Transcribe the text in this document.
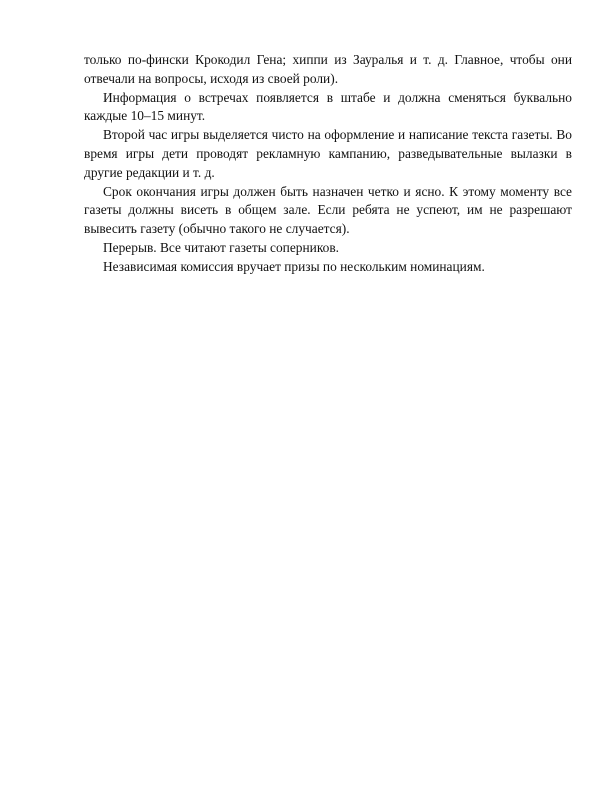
только по-фински Крокодил Гена; хиппи из Зауралья и т. д. Главное, чтобы они отвечали на вопросы, исходя из своей роли).

Информация о встречах появляется в штабе и должна сменяться буквально каждые 10–15 минут.

Второй час игры выделяется чисто на оформление и написание текста газеты. Во время игры дети проводят рекламную кампанию, разведывательные вылазки в другие редакции и т. д.

Срок окончания игры должен быть назначен четко и ясно. К этому моменту все газеты должны висеть в общем зале. Если ребята не успеют, им не разрешают вывесить газету (обычно такого не случается).

Перерыв. Все читают газеты соперников.

Независимая комиссия вручает призы по нескольким номинациям.
